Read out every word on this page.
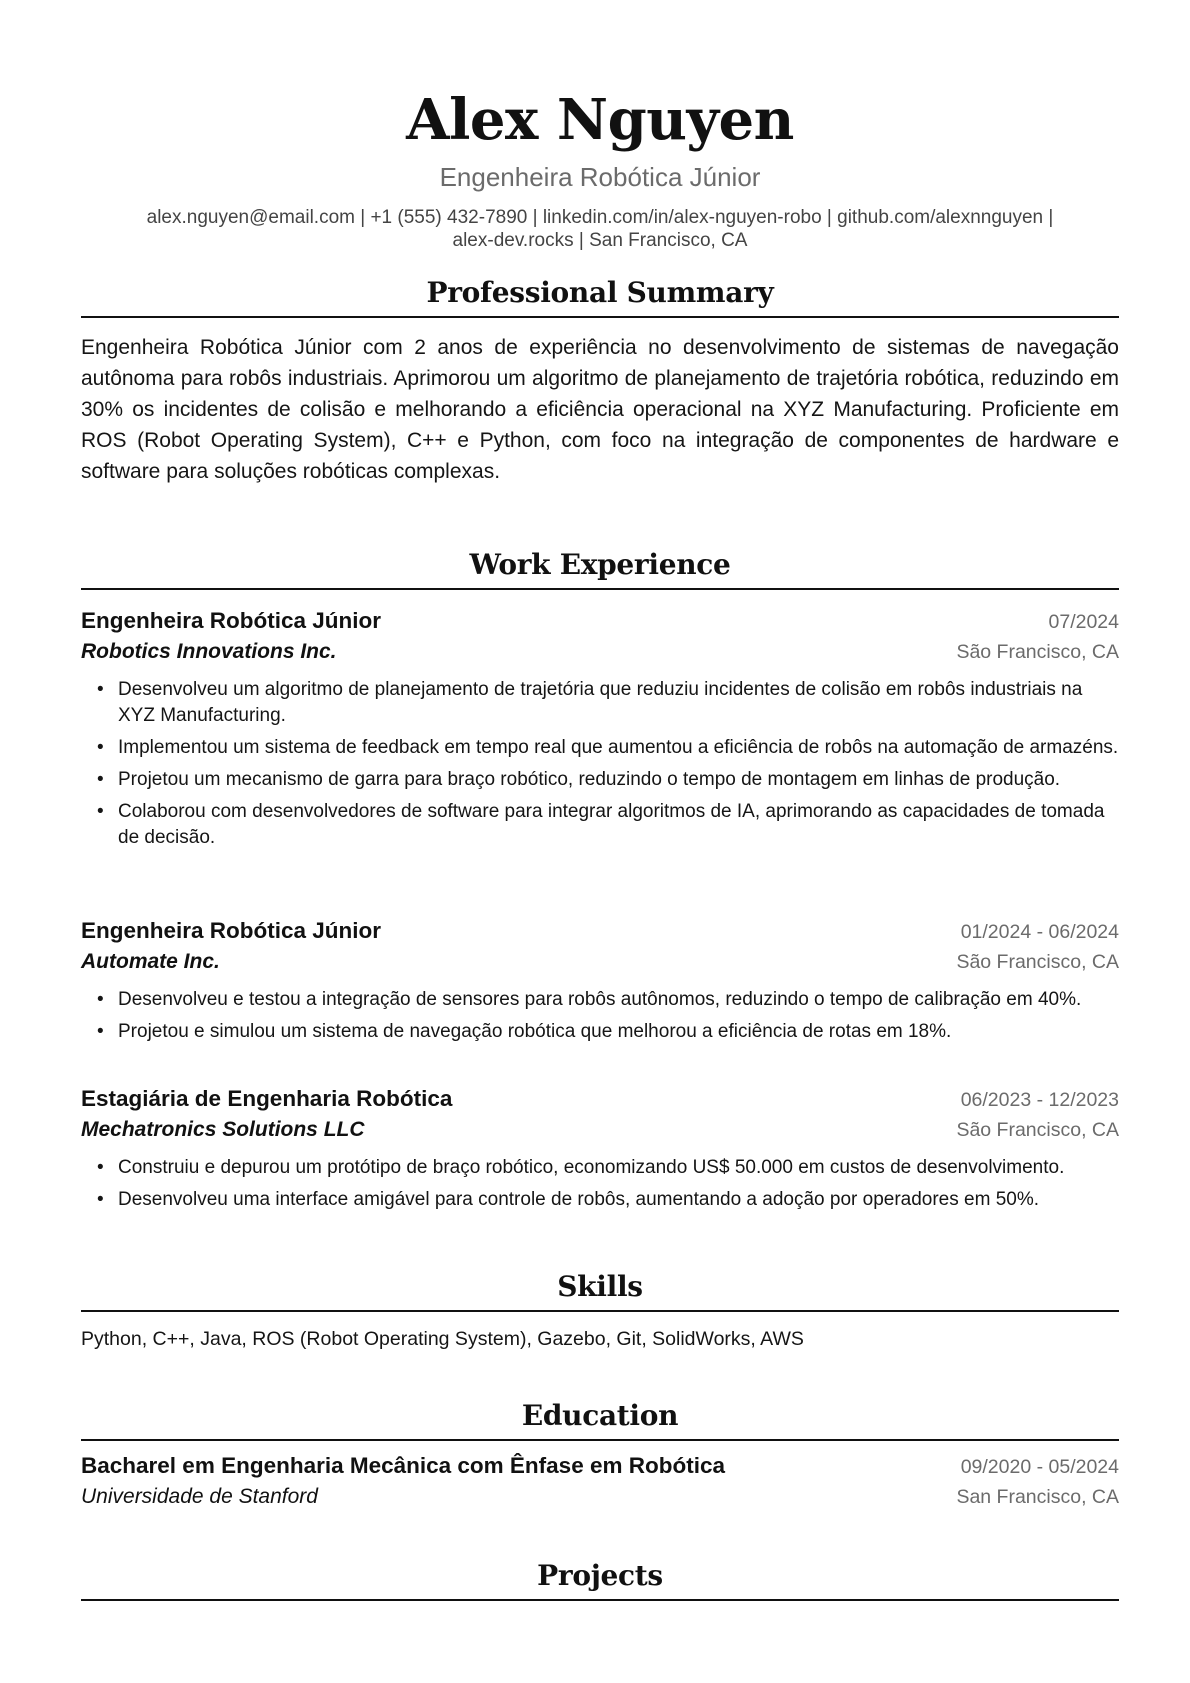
Alex Nguyen
Engenheira Robótica Júnior
alex.nguyen@email.com | +1 (555) 432-7890 | linkedin.com/in/alex-nguyen-robo | github.com/alexnnguyen |
alex-dev.rocks | San Francisco, CA
Professional Summary
Engenheira Robótica Júnior com 2 anos de experiência no desenvolvimento de sistemas de navegação autônoma para robôs industriais. Aprimorou um algoritmo de planejamento de trajetória robótica, reduzindo em 30% os incidentes de colisão e melhorando a eficiência operacional na XYZ Manufacturing. Proficiente em ROS (Robot Operating System), C++ e Python, com foco na integração de componentes de hardware e software para soluções robóticas complexas.
Work Experience
Engenheira Robótica Júnior	07/2024
Robotics Innovations Inc.	São Francisco, CA
• Desenvolveu um algoritmo de planejamento de trajetória que reduziu incidentes de colisão em robôs industriais na XYZ Manufacturing.
• Implementou um sistema de feedback em tempo real que aumentou a eficiência de robôs na automação de armazéns.
• Projetou um mecanismo de garra para braço robótico, reduzindo o tempo de montagem em linhas de produção.
• Colaborou com desenvolvedores de software para integrar algoritmos de IA, aprimorando as capacidades de tomada de decisão.
Engenheira Robótica Júnior	01/2024 - 06/2024
Automate Inc.	São Francisco, CA
• Desenvolveu e testou a integração de sensores para robôs autônomos, reduzindo o tempo de calibração em 40%.
• Projetou e simulou um sistema de navegação robótica que melhorou a eficiência de rotas em 18%.
Estagiária de Engenharia Robótica	06/2023 - 12/2023
Mechatronics Solutions LLC	São Francisco, CA
• Construiu e depurou um protótipo de braço robótico, economizando US$ 50.000 em custos de desenvolvimento.
• Desenvolveu uma interface amigável para controle de robôs, aumentando a adoção por operadores em 50%.
Skills
Python, C++, Java, ROS (Robot Operating System), Gazebo, Git, SolidWorks, AWS
Education
Bacharel em Engenharia Mecânica com Ênfase em Robótica	09/2020 - 05/2024
Universidade de Stanford	San Francisco, CA
Projects
